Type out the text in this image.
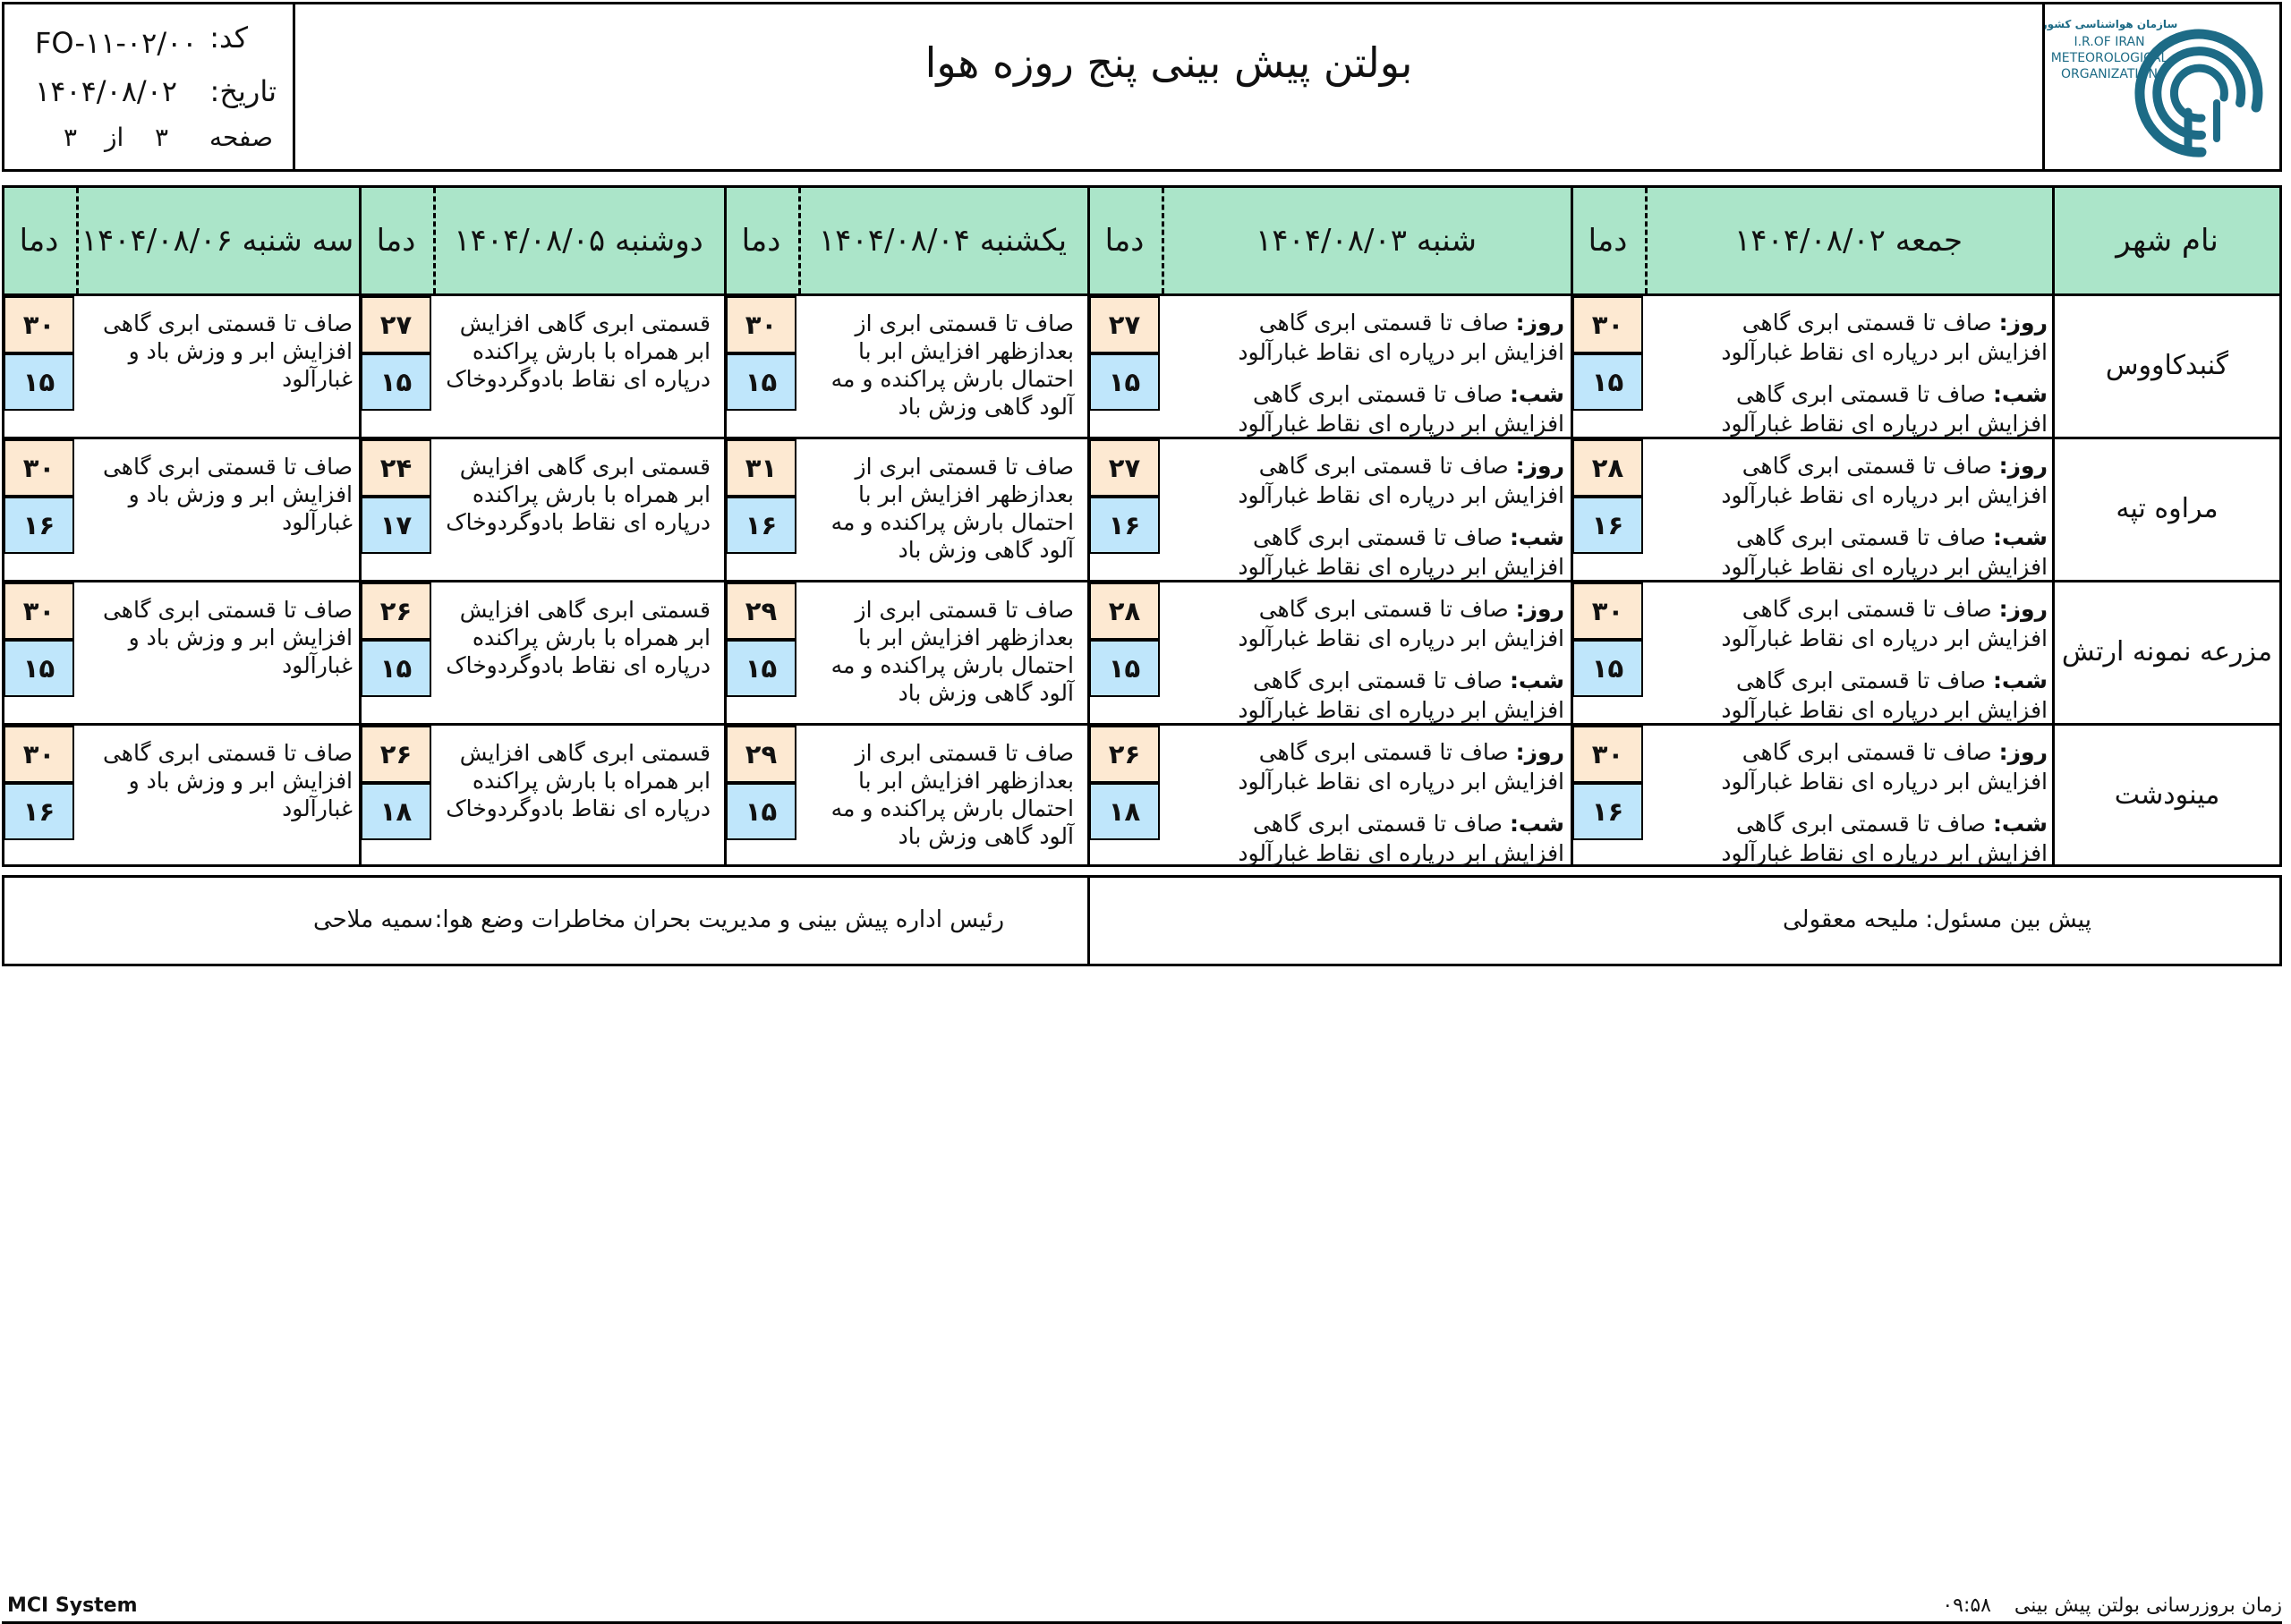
کد:
FO-۱۱-۰۲/۰۰
تاریخ:
۱۴۰۴/۰۸/۰۲
صفحه
۳
از
۳
بولتن پیش بینی پنج روزه هوا
سازمان هواشناسی کشور
I.R.OF IRAN
METEOROLOGICAL
ORGANIZATION
نام شهر
جمعه ۱۴۰۴/۰۸/۰۲
دما
شنبه ۱۴۰۴/۰۸/۰۳
دما
یکشنبه ۱۴۰۴/۰۸/۰۴
دما
دوشنبه ۱۴۰۴/۰۸/۰۵
دما
سه شنبه ۱۴۰۴/۰۸/۰۶
دما
گنبدکاووس
روز: صاف تا قسمتی ابری گاهی افزایش ابر درپاره ای نقاط غبارآلود
شب: صاف تا قسمتی ابری گاهی افزایش ابر درپاره ای نقاط غبارآلود
۳۰
۱۵
روز: صاف تا قسمتی ابری گاهی افزایش ابر درپاره ای نقاط غبارآلود
شب: صاف تا قسمتی ابری گاهی افزایش ابر درپاره ای نقاط غبارآلود
۲۷
۱۵
صاف تا قسمتی ابری از بعدازظهر افزایش ابر با احتمال بارش پراکنده و مه آلود گاهی وزش باد
۳۰
۱۵
قسمتی ابری گاهی افزایش ابر همراه با بارش پراکنده درپاره ای نقاط بادوگردوخاک
۲۷
۱۵
صاف تا قسمتی ابری گاهی افزایش ابر و وزش باد و غبارآلود
۳۰
۱۵
مراوه تپه
روز: صاف تا قسمتی ابری گاهی افزایش ابر درپاره ای نقاط غبارآلود
شب: صاف تا قسمتی ابری گاهی افزایش ابر درپاره ای نقاط غبارآلود
۲۸
۱۶
روز: صاف تا قسمتی ابری گاهی افزایش ابر درپاره ای نقاط غبارآلود
شب: صاف تا قسمتی ابری گاهی افزایش ابر درپاره ای نقاط غبارآلود
۲۷
۱۶
صاف تا قسمتی ابری از بعدازظهر افزایش ابر با احتمال بارش پراکنده و مه آلود گاهی وزش باد
۳۱
۱۶
قسمتی ابری گاهی افزایش ابر همراه با بارش پراکنده درپاره ای نقاط بادوگردوخاک
۲۴
۱۷
صاف تا قسمتی ابری گاهی افزایش ابر و وزش باد و غبارآلود
۳۰
۱۶
مزرعه نمونه ارتش
روز: صاف تا قسمتی ابری گاهی افزایش ابر درپاره ای نقاط غبارآلود
شب: صاف تا قسمتی ابری گاهی افزایش ابر درپاره ای نقاط غبارآلود
۳۰
۱۵
روز: صاف تا قسمتی ابری گاهی افزایش ابر درپاره ای نقاط غبارآلود
شب: صاف تا قسمتی ابری گاهی افزایش ابر درپاره ای نقاط غبارآلود
۲۸
۱۵
صاف تا قسمتی ابری از بعدازظهر افزایش ابر با احتمال بارش پراکنده و مه آلود گاهی وزش باد
۲۹
۱۵
قسمتی ابری گاهی افزایش ابر همراه با بارش پراکنده درپاره ای نقاط بادوگردوخاک
۲۶
۱۵
صاف تا قسمتی ابری گاهی افزایش ابر و وزش باد و غبارآلود
۳۰
۱۵
مینودشت
روز: صاف تا قسمتی ابری گاهی افزایش ابر درپاره ای نقاط غبارآلود
شب: صاف تا قسمتی ابری گاهی افزایش ابر درپاره ای نقاط غبارآلود
۳۰
۱۶
روز: صاف تا قسمتی ابری گاهی افزایش ابر درپاره ای نقاط غبارآلود
شب: صاف تا قسمتی ابری گاهی افزایش ابر درپاره ای نقاط غبارآلود
۲۶
۱۸
صاف تا قسمتی ابری از بعدازظهر افزایش ابر با احتمال بارش پراکنده و مه آلود گاهی وزش باد
۲۹
۱۵
قسمتی ابری گاهی افزایش ابر همراه با بارش پراکنده درپاره ای نقاط بادوگردوخاک
۲۶
۱۸
صاف تا قسمتی ابری گاهی افزایش ابر و وزش باد و غبارآلود
۳۰
۱۶
پیش بین مسئول:
ملیحه معقولی
رئیس اداره پیش بینی و مدیریت بحران مخاطرات وضع هوا:
سمیه ملاحی
زمان بروزرسانی بولتن پیش بینی
۰۹:۵۸
MCI System
